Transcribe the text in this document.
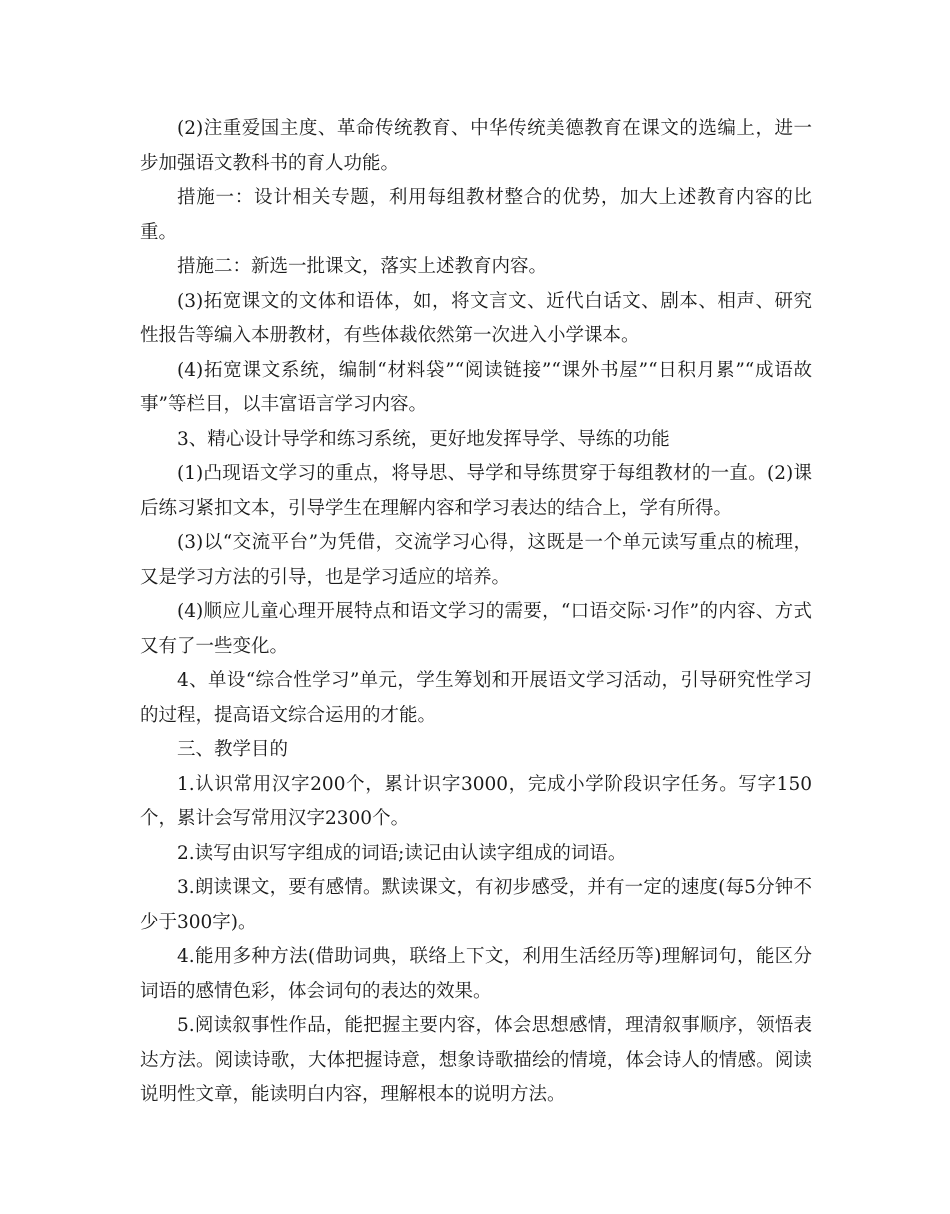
(2)注重爱国主度、革命传统教育、中华传统美德教育在课文的选编上，进一步加强语文教科书的育人功能。

措施一：设计相关专题，利用每组教材整合的优势，加大上述教育内容的比重。

措施二：新选一批课文，落实上述教育内容。

(3)拓宽课文的文体和语体，如，将文言文、近代白话文、剧本、相声、研究性报告等编入本册教材，有些体裁依然第一次进入小学课本。

(4)拓宽课文系统，编制“材料袋”“阅读链接”“课外书屋”“日积月累”“成语故事”等栏目，以丰富语言学习内容。

3、精心设计导学和练习系统，更好地发挥导学、导练的功能

(1)凸现语文学习的重点，将导思、导学和导练贯穿于每组教材的一直。(2)课后练习紧扣文本，引导学生在理解内容和学习表达的结合上，学有所得。

(3)以“交流平台”为凭借，交流学习心得，这既是一个单元读写重点的梳理，又是学习方法的引导，也是学习适应的培养。

(4)顺应儿童心理开展特点和语文学习的需要，“口语交际·习作”的内容、方式又有了一些变化。

4、单设“综合性学习”单元，学生筹划和开展语文学习活动，引导研究性学习的过程，提高语文综合运用的才能。

三、教学目的

1.认识常用汉字200个，累计识字3000，完成小学阶段识字任务。写字150个，累计会写常用汉字2300个。

2.读写由识写字组成的词语;读记由认读字组成的词语。

3.朗读课文，要有感情。默读课文，有初步感受，并有一定的速度(每5分钟不少于300字)。

4.能用多种方法(借助词典，联络上下文，利用生活经历等)理解词句，能区分词语的感情色彩，体会词句的表达的效果。

5.阅读叙事性作品，能把握主要内容，体会思想感情，理清叙事顺序，领悟表达方法。阅读诗歌，大体把握诗意，想象诗歌描绘的情境，体会诗人的情感。阅读说明性文章，能读明白内容，理解根本的说明方法。
